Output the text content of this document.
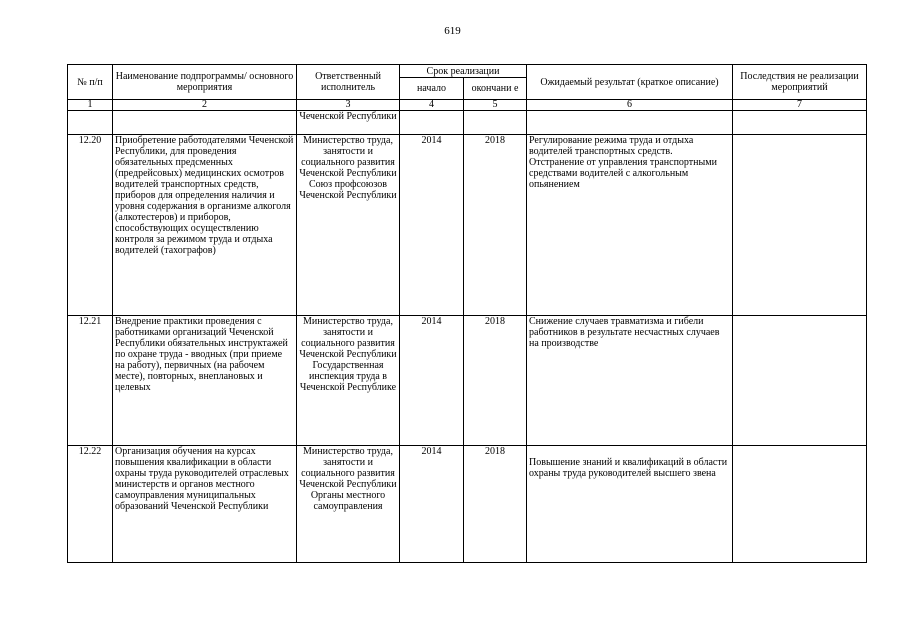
619
№ п/п	Наименование подпрограммы/ основного мероприятия	Ответственный исполнитель	Срок реализации		Ожидаемый результат (краткое описание)	Последствия не реализации мероприятий
			начало	окончани е		
1	2	3	4	5	6	7
		Чеченской Республики				
12.20	Приобретение работодателями Чеченской Республики, для проведения обязательных предсменных (предрейсовых) медицинских осмотров водителей транспортных средств, приборов для определения наличия и уровня содержания в организме алкоголя (алкотестеров) и приборов, способствующих осуществлению контроля за режимом труда и отдыха водителей (тахографов)	Министерство труда, занятости и социального развития Чеченской Республики Союз профсоюзов Чеченской Республики	2014	2018	Регулирование режима труда и отдыха водителей транспортных средств. Отстранение от управления транспортными средствами водителей с алкогольным опьянением	
12.21	Внедрение практики проведения с работниками организаций Чеченской Республики обязательных инструктажей по охране труда - вводных (при приеме на работу), первичных (на рабочем месте), повторных, внеплановых и целевых	Министерство труда, занятости и социального развития Чеченской Республики Государственная инспекция труда в Чеченской Республике	2014	2018	Снижение случаев травматизма и гибели работников в результате несчастных случаев на производстве	
12.22	Организация обучения на курсах повышения квалификации в области охраны труда руководителей отраслевых министерств и органов местного самоуправления муниципальных образований Чеченской Республики	Министерство труда, занятости и социального развития Чеченской Республики Органы местного самоуправления	2014	2018	Повышение знаний и квалификаций в области охраны труда руководителей высшего звена	
